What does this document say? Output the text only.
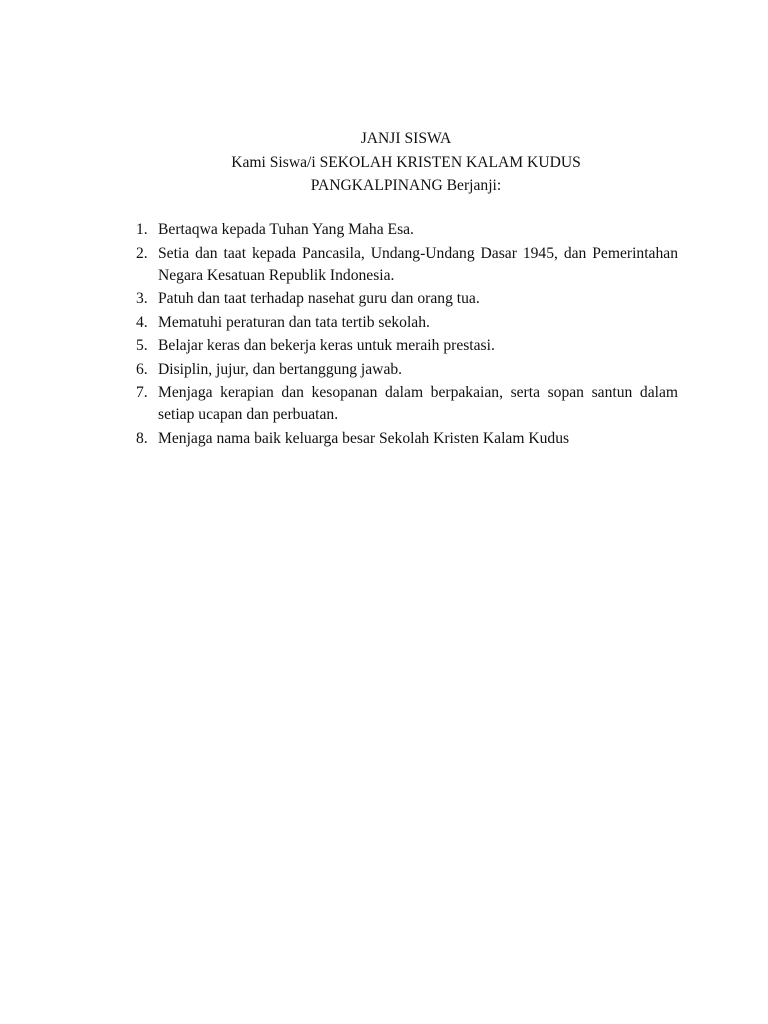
JANJI SISWA
Kami Siswa/i SEKOLAH KRISTEN KALAM KUDUS
PANGKALPINANG Berjanji:
1. Bertaqwa kepada Tuhan Yang Maha Esa.
2. Setia dan taat kepada Pancasila, Undang-Undang Dasar 1945, dan Pemerintahan Negara Kesatuan Republik Indonesia.
3. Patuh dan taat terhadap nasehat guru dan orang tua.
4. Mematuhi peraturan dan tata tertib sekolah.
5. Belajar keras dan bekerja keras untuk meraih prestasi.
6. Disiplin, jujur, dan bertanggung jawab.
7. Menjaga kerapian dan kesopanan dalam berpakaian, serta sopan santun dalam setiap ucapan dan perbuatan.
8. Menjaga nama baik keluarga besar Sekolah Kristen Kalam Kudus
